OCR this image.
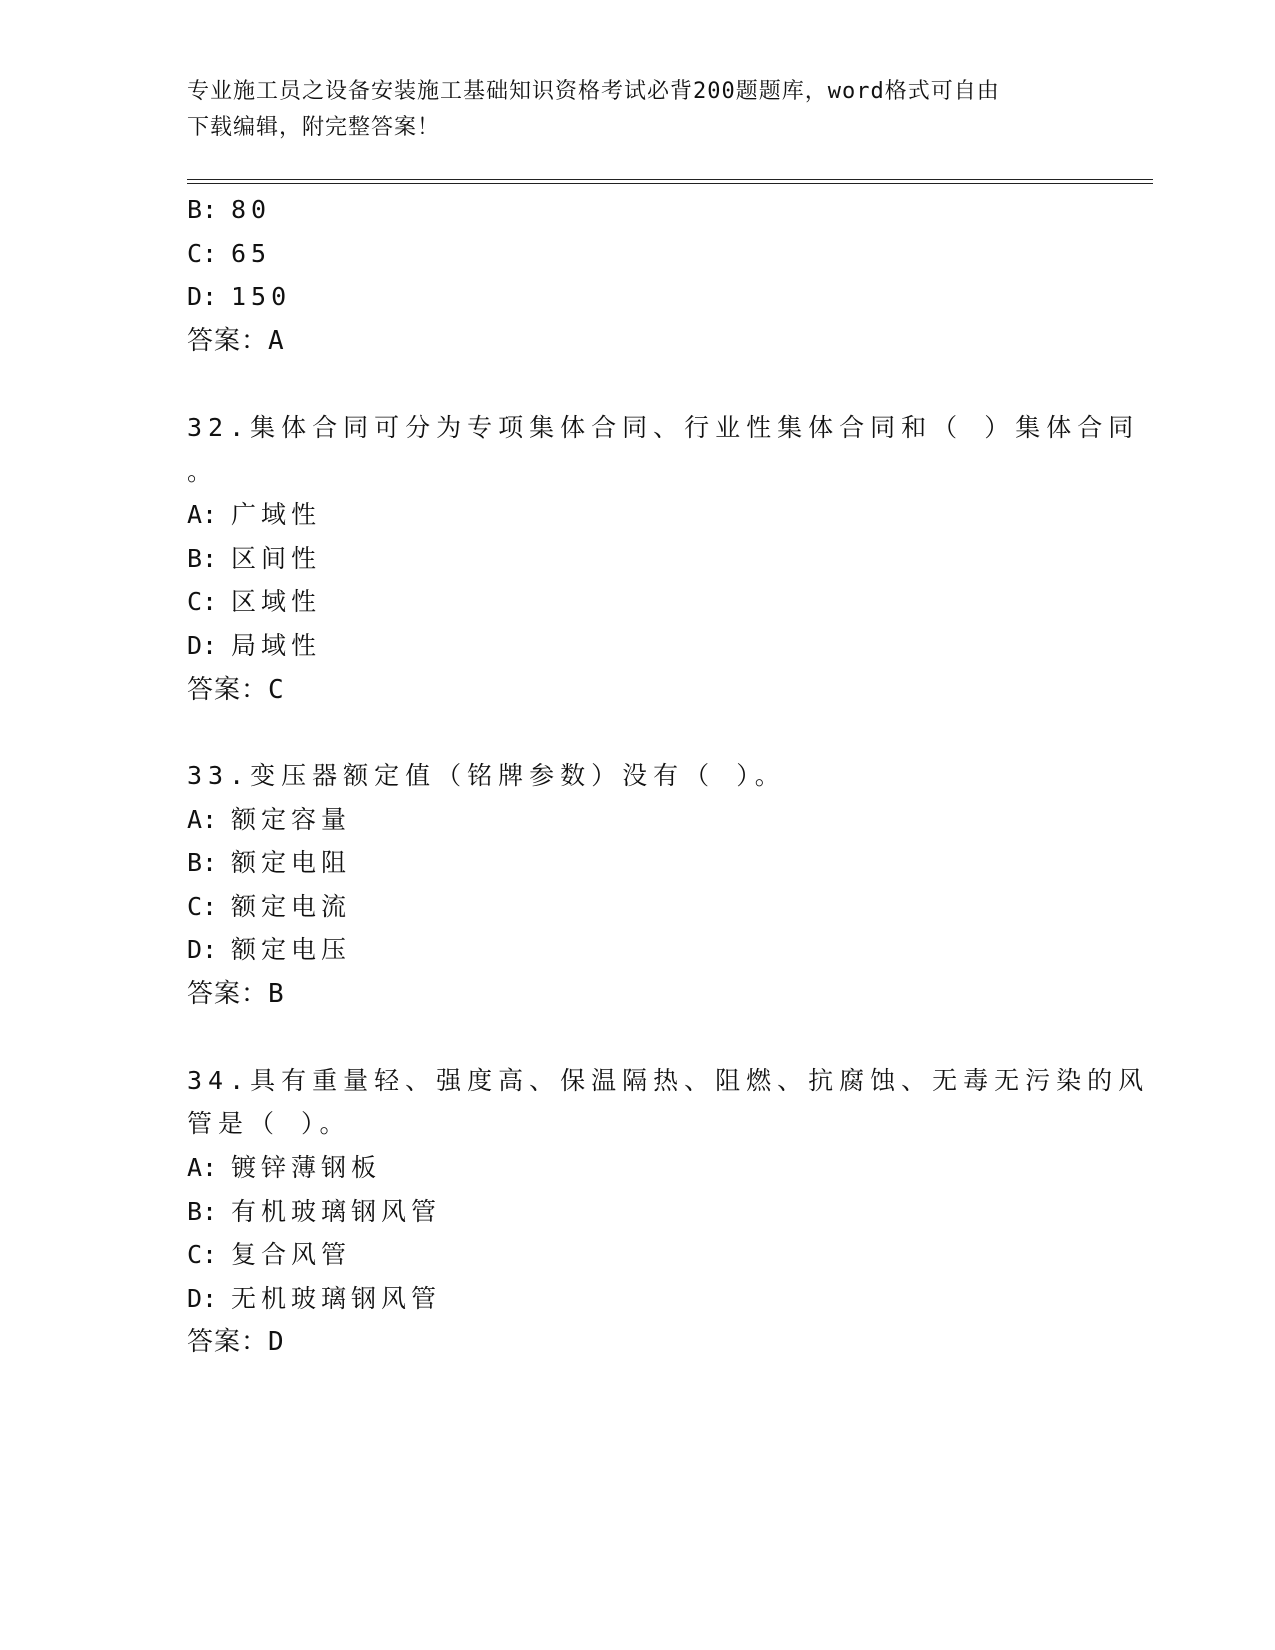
专业施工员之设备安装施工基础知识资格考试必背200题题库，word格式可自由
下载编辑，附完整答案！
B: 80
C: 65
D: 150
答案：A
32.集体合同可分为专项集体合同、行业性集体合同和（ ）集体合同
。
A: 广域性
B: 区间性
C: 区域性
D: 局域性
答案：C
33.变压器额定值（铭牌参数）没有（ ）。
A: 额定容量
B: 额定电阻
C: 额定电流
D: 额定电压
答案：B
34.具有重量轻、强度高、保温隔热、阻燃、抗腐蚀、无毒无污染的风
管是（ ）。
A: 镀锌薄钢板
B: 有机玻璃钢风管
C: 复合风管
D: 无机玻璃钢风管
答案：D
